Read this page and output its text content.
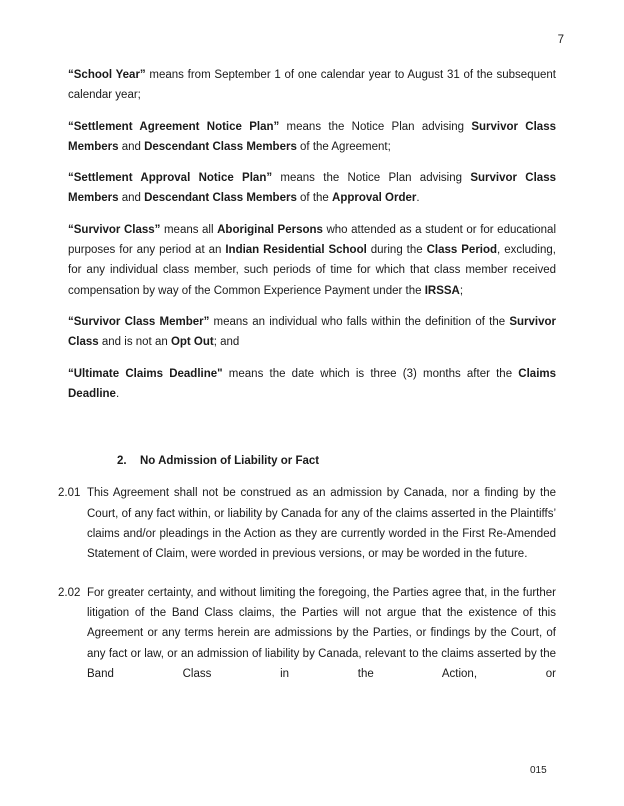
7

“School Year” means from September 1 of one calendar year to August 31 of the subsequent calendar year;

“Settlement Agreement Notice Plan” means the Notice Plan advising Survivor Class Members and Descendant Class Members of the Agreement;

“Settlement Approval Notice Plan” means the Notice Plan advising Survivor Class Members and Descendant Class Members of the Approval Order.

“Survivor Class” means all Aboriginal Persons who attended as a student or for educational purposes for any period at an Indian Residential School during the Class Period, excluding, for any individual class member, such periods of time for which that class member received compensation by way of the Common Experience Payment under the IRSSA;

“Survivor Class Member” means an individual who falls within the definition of the Survivor Class and is not an Opt Out; and

“Ultimate Claims Deadline" means the date which is three (3) months after the Claims Deadline.

2. No Admission of Liability or Fact
2.01 This Agreement shall not be construed as an admission by Canada, nor a finding by the Court, of any fact within, or liability by Canada for any of the claims asserted in the Plaintiffs’ claims and/or pleadings in the Action as they are currently worded in the First Re-Amended Statement of Claim, were worded in previous versions, or may be worded in the future.
2.02 For greater certainty, and without limiting the foregoing, the Parties agree that, in the further litigation of the Band Class claims, the Parties will not argue that the existence of this Agreement or any terms herein are admissions by the Parties, or findings by the Court, of any fact or law, or an admission of liability by Canada, relevant to the claims asserted by the Band Class in the Action, or
015
